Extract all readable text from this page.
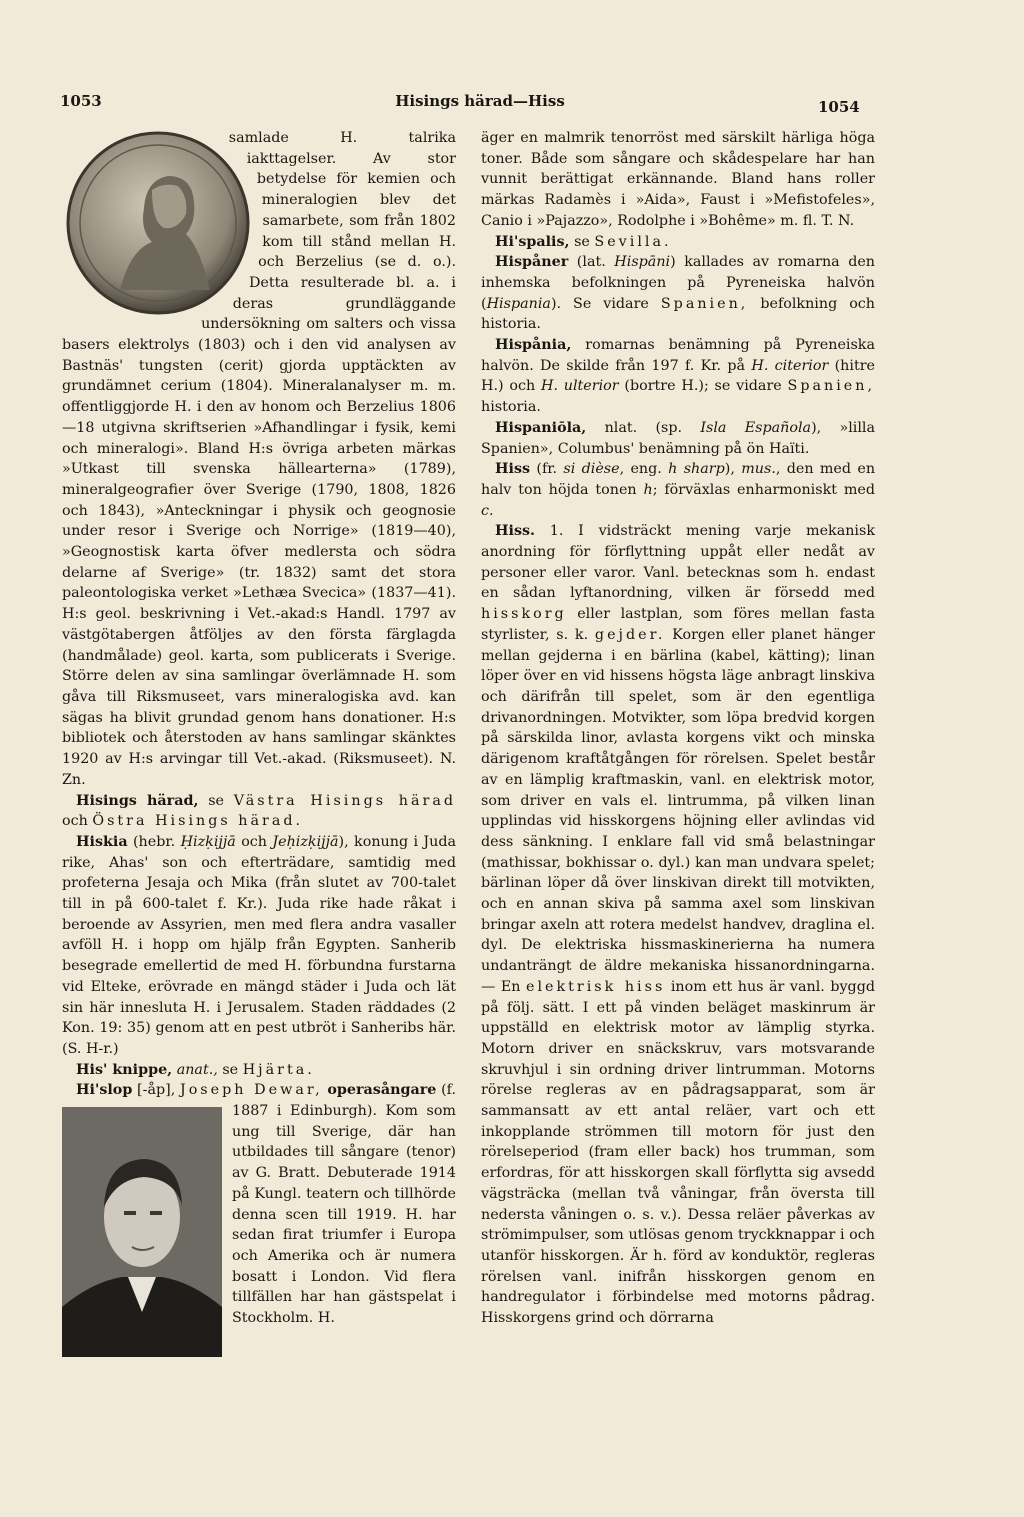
1053	Hisings härad—Hiss	1054

samlade H. talrika iakttagelser. Av stor betydelse för kemien och mineralogien blev det samarbete, som från 1802 kom till stånd mellan H. och Berzelius (se d. o.). Detta resulterade bl. a. i deras grundläggande undersökning om salters och vissa basers elektrolys (1803) och i den vid analysen av Bastnäs' tungsten (cerit) gjorda upptäckten av grundämnet cerium (1804). Mineralanalyser m. m. offentliggjorde H. i den av honom och Berzelius 1806—18 utgivna skriftserien »Afhandlingar i fysik, kemi och mineralogi». Bland H:s övriga arbeten märkas »Utkast till svenska hällearterna» (1789), mineralgeografier över Sverige (1790, 1808, 1826 och 1843), »Anteckningar i physik och geognosie under resor i Sverige och Norrige» (1819—40), »Geognostisk karta öfver medlersta och södra delarne af Sverige» (tr. 1832) samt det stora paleontologiska verket »Lethæa Svecica» (1837—41). H:s geol. beskrivning i Vet.-akad:s Handl. 1797 av västgötabergen åtföljes av den första färglagda (handmålade) geol. karta, som publicerats i Sverige. Större delen av sina samlingar överlämnade H. som gåva till Riksmuseet, vars mineralogiska avd. kan sägas ha blivit grundad genom hans donationer. H:s bibliotek och återstoden av hans samlingar skänktes 1920 av H:s arvingar till Vet.-akad. (Riksmuseet). N. Zn.

Hisings härad, se Västra Hisings härad och Östra Hisings härad.

Hiskia (hebr. Ḥizḳijjā och Jeḥizḳijjā), konung i Juda rike, Ahas' son och efterträdare, samtidig med profeterna Jesaja och Mika (från slutet av 700-talet till in på 600-talet f. Kr.). Juda rike hade råkat i beroende av Assyrien, men med flera andra vasaller avföll H. i hopp om hjälp från Egypten. Sanherib besegrade emellertid de med H. förbundna furstarna vid Elteke, erövrade en mängd städer i Juda och lät sin här innesluta H. i Jerusalem. Staden räddades (2 Kon. 19: 35) genom att en pest utbröt i Sanheribs här. (S. H-r.)

His' knippe, anat., se Hjärta.

Hi'slop [-åp], Joseph Dewar, operasångare (f. 1887 i Edinburgh). Kom som ung till Sverige, där han utbildades till sångare (tenor) av G. Bratt. Debuterade 1914 på Kungl. teatern och tillhörde denna scen till 1919. H. har sedan firat triumfer i Europa och Amerika och är numera bosatt i London. Vid flera tillfällen har han gästspelat i Stockholm. H.

äger en malmrik tenorröst med särskilt härliga höga toner. Både som sångare och skådespelare har han vunnit berättigat erkännande. Bland hans roller märkas Radamès i »Aida», Faust i »Mefistofeles», Canio i »Pajazzo», Rodolphe i »Bohême» m. fl. T. N.

Hi'spalis, se Sevilla.

Hispåner (lat. Hispāni) kallades av romarna den inhemska befolkningen på Pyreneiska halvön (Hispania). Se vidare Spanien, befolkning och historia.

Hispånia, romarnas benämning på Pyreneiska halvön. De skilde från 197 f. Kr. på H. citerior (hitre H.) och H. ulterior (bortre H.); se vidare Spanien, historia.

Hispaniōla, nlat. (sp. Isla Española), »lilla Spanien», Columbus' benämning på ön Haïti.

Hiss (fr. si dièse, eng. h sharp), mus., den med en halv ton höjda tonen h; förväxlas enharmoniskt med c.

Hiss. 1. I vidsträckt mening varje mekanisk anordning för förflyttning uppåt eller nedåt av personer eller varor. Vanl. betecknas som h. endast en sådan lyftanordning, vilken är försedd med hisskorg eller lastplan, som föres mellan fasta styrlister, s. k. gejder. Korgen eller planet hänger mellan gejderna i en bärlina (kabel, kätting); linan löper över en vid hissens högsta läge anbragt linskiva och därifrån till spelet, som är den egentliga drivanordningen. Motvikter, som löpa bredvid korgen på särskilda linor, avlasta korgens vikt och minska därigenom kraftåtgången för rörelsen. Spelet består av en lämplig kraftmaskin, vanl. en elektrisk motor, som driver en vals el. lintrumma, på vilken linan upplindas vid hisskorgens höjning eller avlindas vid dess sänkning. I enklare fall vid små belastningar (mathissar, bokhissar o. dyl.) kan man undvara spelet; bärlinan löper då över linskivan direkt till motvikten, och en annan skiva på samma axel som linskivan bringar axeln att rotera medelst handvev, draglina el. dyl. De elektriska hissmaskinerierna ha numera undanträngt de äldre mekaniska hissanordningarna. — En elektrisk hiss inom ett hus är vanl. byggd på följ. sätt. I ett på vinden beläget maskinrum är uppställd en elektrisk motor av lämplig styrka. Motorn driver en snäckskruv, vars motsvarande skruvhjul i sin ordning driver lintrumman. Motorns rörelse regleras av en pådragsapparat, som är sammansatt av ett antal reläer, vart och ett inkopplande strömmen till motorn för just den rörelseperiod (fram eller back) hos trumman, som erfordras, för att hisskorgen skall förflytta sig avsedd vägsträcka (mellan två våningar, från översta till nedersta våningen o. s. v.). Dessa reläer påverkas av strömimpulser, som utlösas genom tryckknappar i och utanför hisskorgen. Är h. förd av konduktör, regleras rörelsen vanl. inifrån hisskorgen genom en handregulator i förbindelse med motorns pådrag. Hisskorgens grind och dörrarna
